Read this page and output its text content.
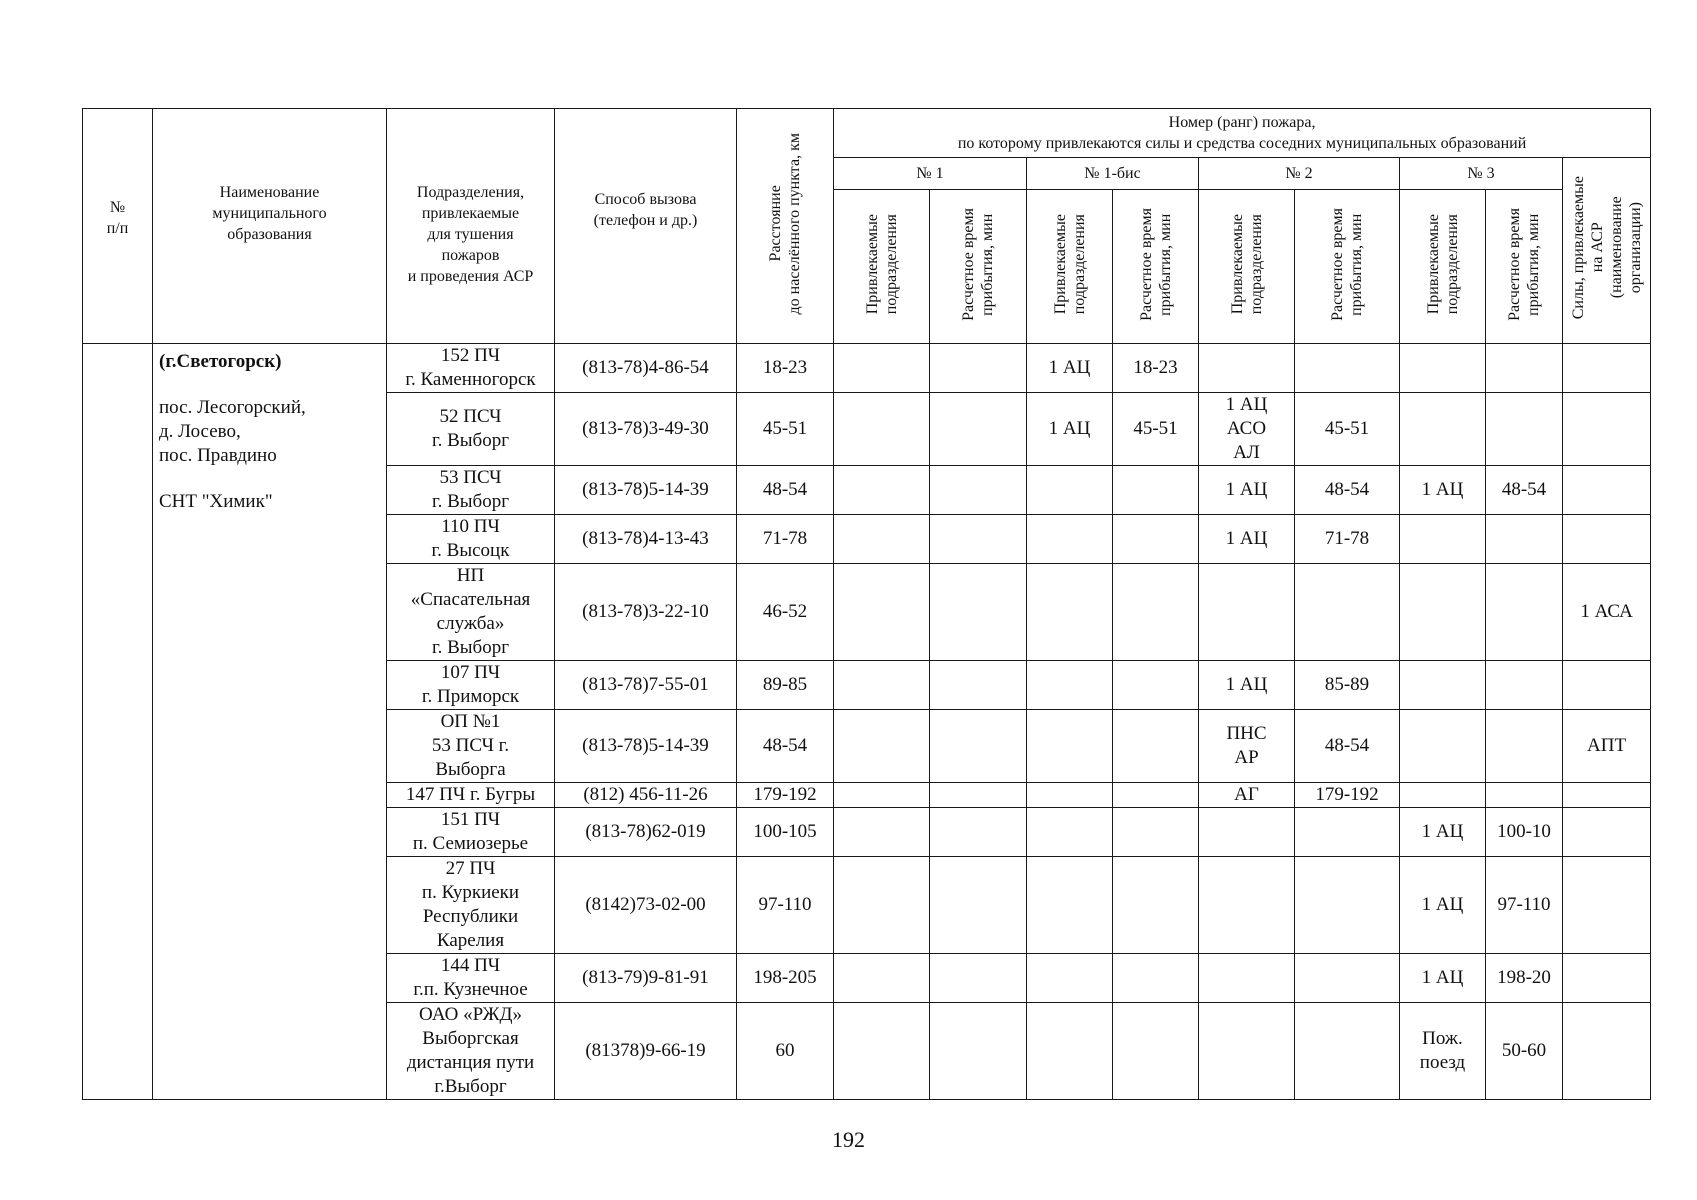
№
п/п	Наименование
муниципального
образования	Подразделения,
привлекаемые
для тушения
пожаров
и проведения АСР	Способ вызова
(телефон и др.)	Расстояние
до населённого пункта, км	Номер (ранг) пожара,
по которому привлекаются силы и средства соседних муниципальных образований								
					№ 1		№ 1-бис		№ 2		№ 3		Силы, привлекаемые
на АСР
(наименование
организации)
					Привлекаемые
подразделения	Расчетное время
прибытия, мин	Привлекаемые
подразделения	Расчетное время
прибытия, мин	Привлекаемые
подразделения	Расчетное время
прибытия, мин	Привлекаемые
подразделения	Расчетное время
прибытия, мин	

	(г.Светогорск)
пос. Лесогорский,
д. Лосево,
пос. Правдино
СНТ "Химик"	152 ПЧ
г. Каменногорск	(813-78)4-86-54	18-23			1 АЦ	18-23					
		52 ПСЧ
г. Выборг	(813-78)3-49-30	45-51			1 АЦ	45-51	1 АЦ
АСО
АЛ	45-51			
		53 ПСЧ
г. Выборг	(813-78)5-14-39	48-54					1 АЦ	48-54	1 АЦ	48-54	
		110 ПЧ
г. Высоцк	(813-78)4-13-43	71-78					1 АЦ	71-78			
		НП
«Спасательная
служба»
г. Выборг	(813-78)3-22-10	46-52									1 АСА
		107 ПЧ
г. Приморск	(813-78)7-55-01	89-85					1 АЦ	85-89			
		ОП №1
53 ПСЧ г.
Выборга	(813-78)5-14-39	48-54					ПНС
АР	48-54			АПТ
		147 ПЧ г. Бугры	(812) 456-11-26	179-192					АГ	179-192			
		151 ПЧ
п. Семиозерье	(813-78)62-019	100-105							1 АЦ	100-10	
		27 ПЧ
п. Куркиеки
Республики
Карелия	(8142)73-02-00	97-110							1 АЦ	97-110	
		144 ПЧ
г.п. Кузнечное	(813-79)9-81-91	198-205							1 АЦ	198-20	
		ОАО «РЖД»
Выборгская
дистанция пути
г.Выборг	(81378)9-66-19	60							Пож.
поезд	50-60	
192
